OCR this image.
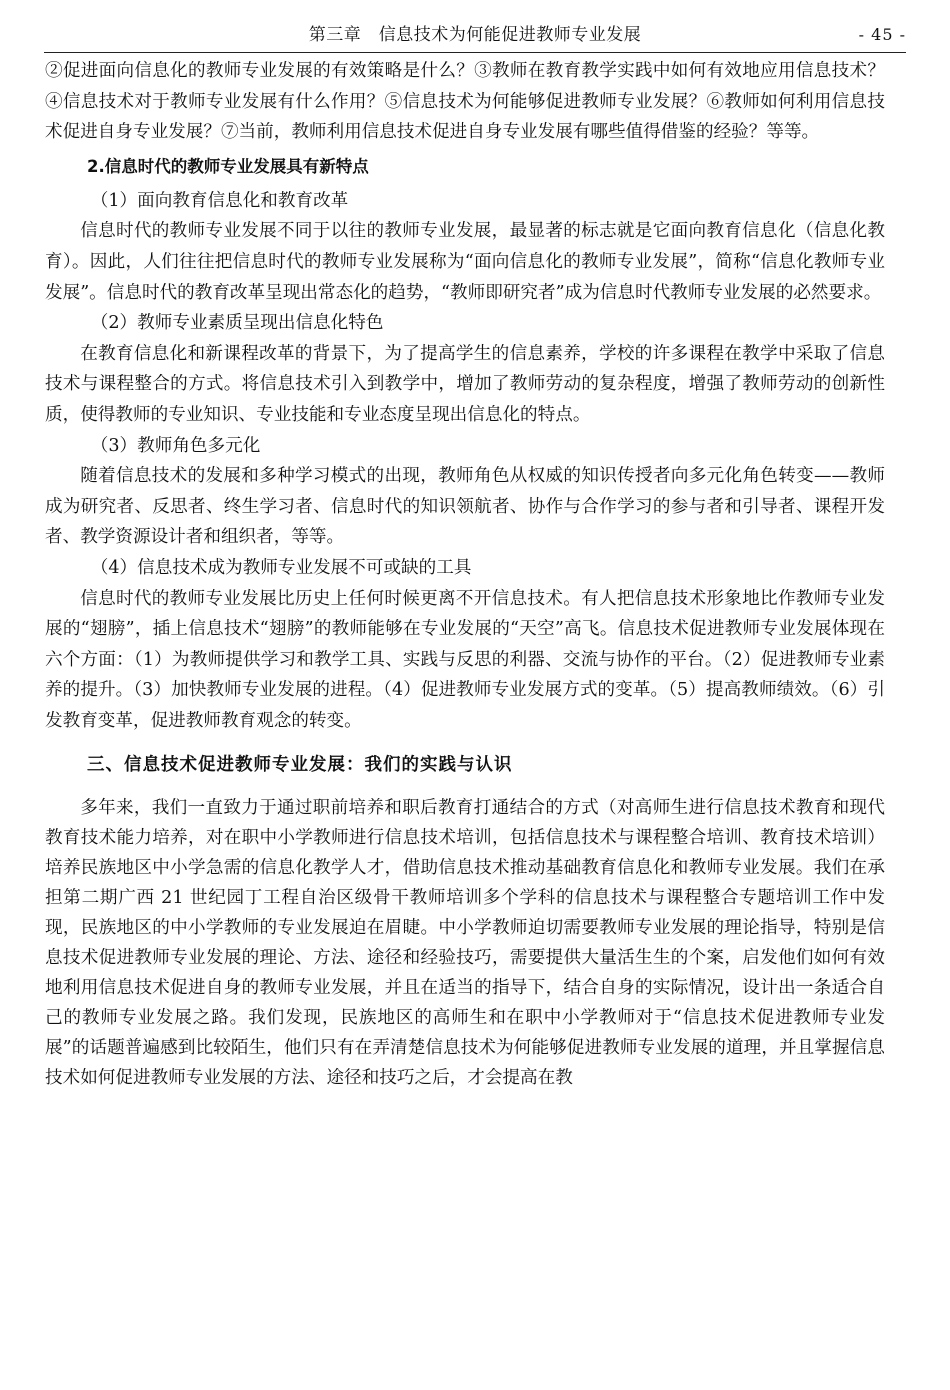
第三章　信息技术为何能促进教师专业发展	- 45 -

②促进面向信息化的教师专业发展的有效策略是什么？③教师在教育教学实践中如何有效地应用信息技术？④信息技术对于教师专业发展有什么作用？⑤信息技术为何能够促进教师专业发展？⑥教师如何利用信息技术促进自身专业发展？⑦当前，教师利用信息技术促进自身专业发展有哪些值得借鉴的经验？等等。

2.信息时代的教师专业发展具有新特点

（1）面向教育信息化和教育改革

信息时代的教师专业发展不同于以往的教师专业发展，最显著的标志就是它面向教育信息化（信息化教育）。因此，人们往往把信息时代的教师专业发展称为“面向信息化的教师专业发展”，简称“信息化教师专业发展”。信息时代的教育改革呈现出常态化的趋势，“教师即研究者”成为信息时代教师专业发展的必然要求。

（2）教师专业素质呈现出信息化特色

在教育信息化和新课程改革的背景下，为了提高学生的信息素养，学校的许多课程在教学中采取了信息技术与课程整合的方式。将信息技术引入到教学中，增加了教师劳动的复杂程度，增强了教师劳动的创新性质，使得教师的专业知识、专业技能和专业态度呈现出信息化的特点。

（3）教师角色多元化

随着信息技术的发展和多种学习模式的出现，教师角色从权威的知识传授者向多元化角色转变——教师成为研究者、反思者、终生学习者、信息时代的知识领航者、协作与合作学习的参与者和引导者、课程开发者、教学资源设计者和组织者，等等。

（4）信息技术成为教师专业发展不可或缺的工具

信息时代的教师专业发展比历史上任何时候更离不开信息技术。有人把信息技术形象地比作教师专业发展的“翅膀”，插上信息技术“翅膀”的教师能够在专业发展的“天空”高飞。信息技术促进教师专业发展体现在六个方面：（1）为教师提供学习和教学工具、实践与反思的利器、交流与协作的平台。（2）促进教师专业素养的提升。（3）加快教师专业发展的进程。（4）促进教师专业发展方式的变革。（5）提高教师绩效。（6）引发教育变革，促进教师教育观念的转变。

三、信息技术促进教师专业发展：我们的实践与认识

多年来，我们一直致力于通过职前培养和职后教育打通结合的方式（对高师生进行信息技术教育和现代教育技术能力培养，对在职中小学教师进行信息技术培训，包括信息技术与课程整合培训、教育技术培训）培养民族地区中小学急需的信息化教学人才，借助信息技术推动基础教育信息化和教师专业发展。我们在承担第二期广西 21 世纪园丁工程自治区级骨干教师培训多个学科的信息技术与课程整合专题培训工作中发现，民族地区的中小学教师的专业发展迫在眉睫。中小学教师迫切需要教师专业发展的理论指导，特别是信息技术促进教师专业发展的理论、方法、途径和经验技巧，需要提供大量活生生的个案，启发他们如何有效地利用信息技术促进自身的教师专业发展，并且在适当的指导下，结合自身的实际情况，设计出一条适合自己的教师专业发展之路。我们发现，民族地区的高师生和在职中小学教师对于“信息技术促进教师专业发展”的话题普遍感到比较陌生，他们只有在弄清楚信息技术为何能够促进教师专业发展的道理，并且掌握信息技术如何促进教师专业发展的方法、途径和技巧之后，才会提高在教
